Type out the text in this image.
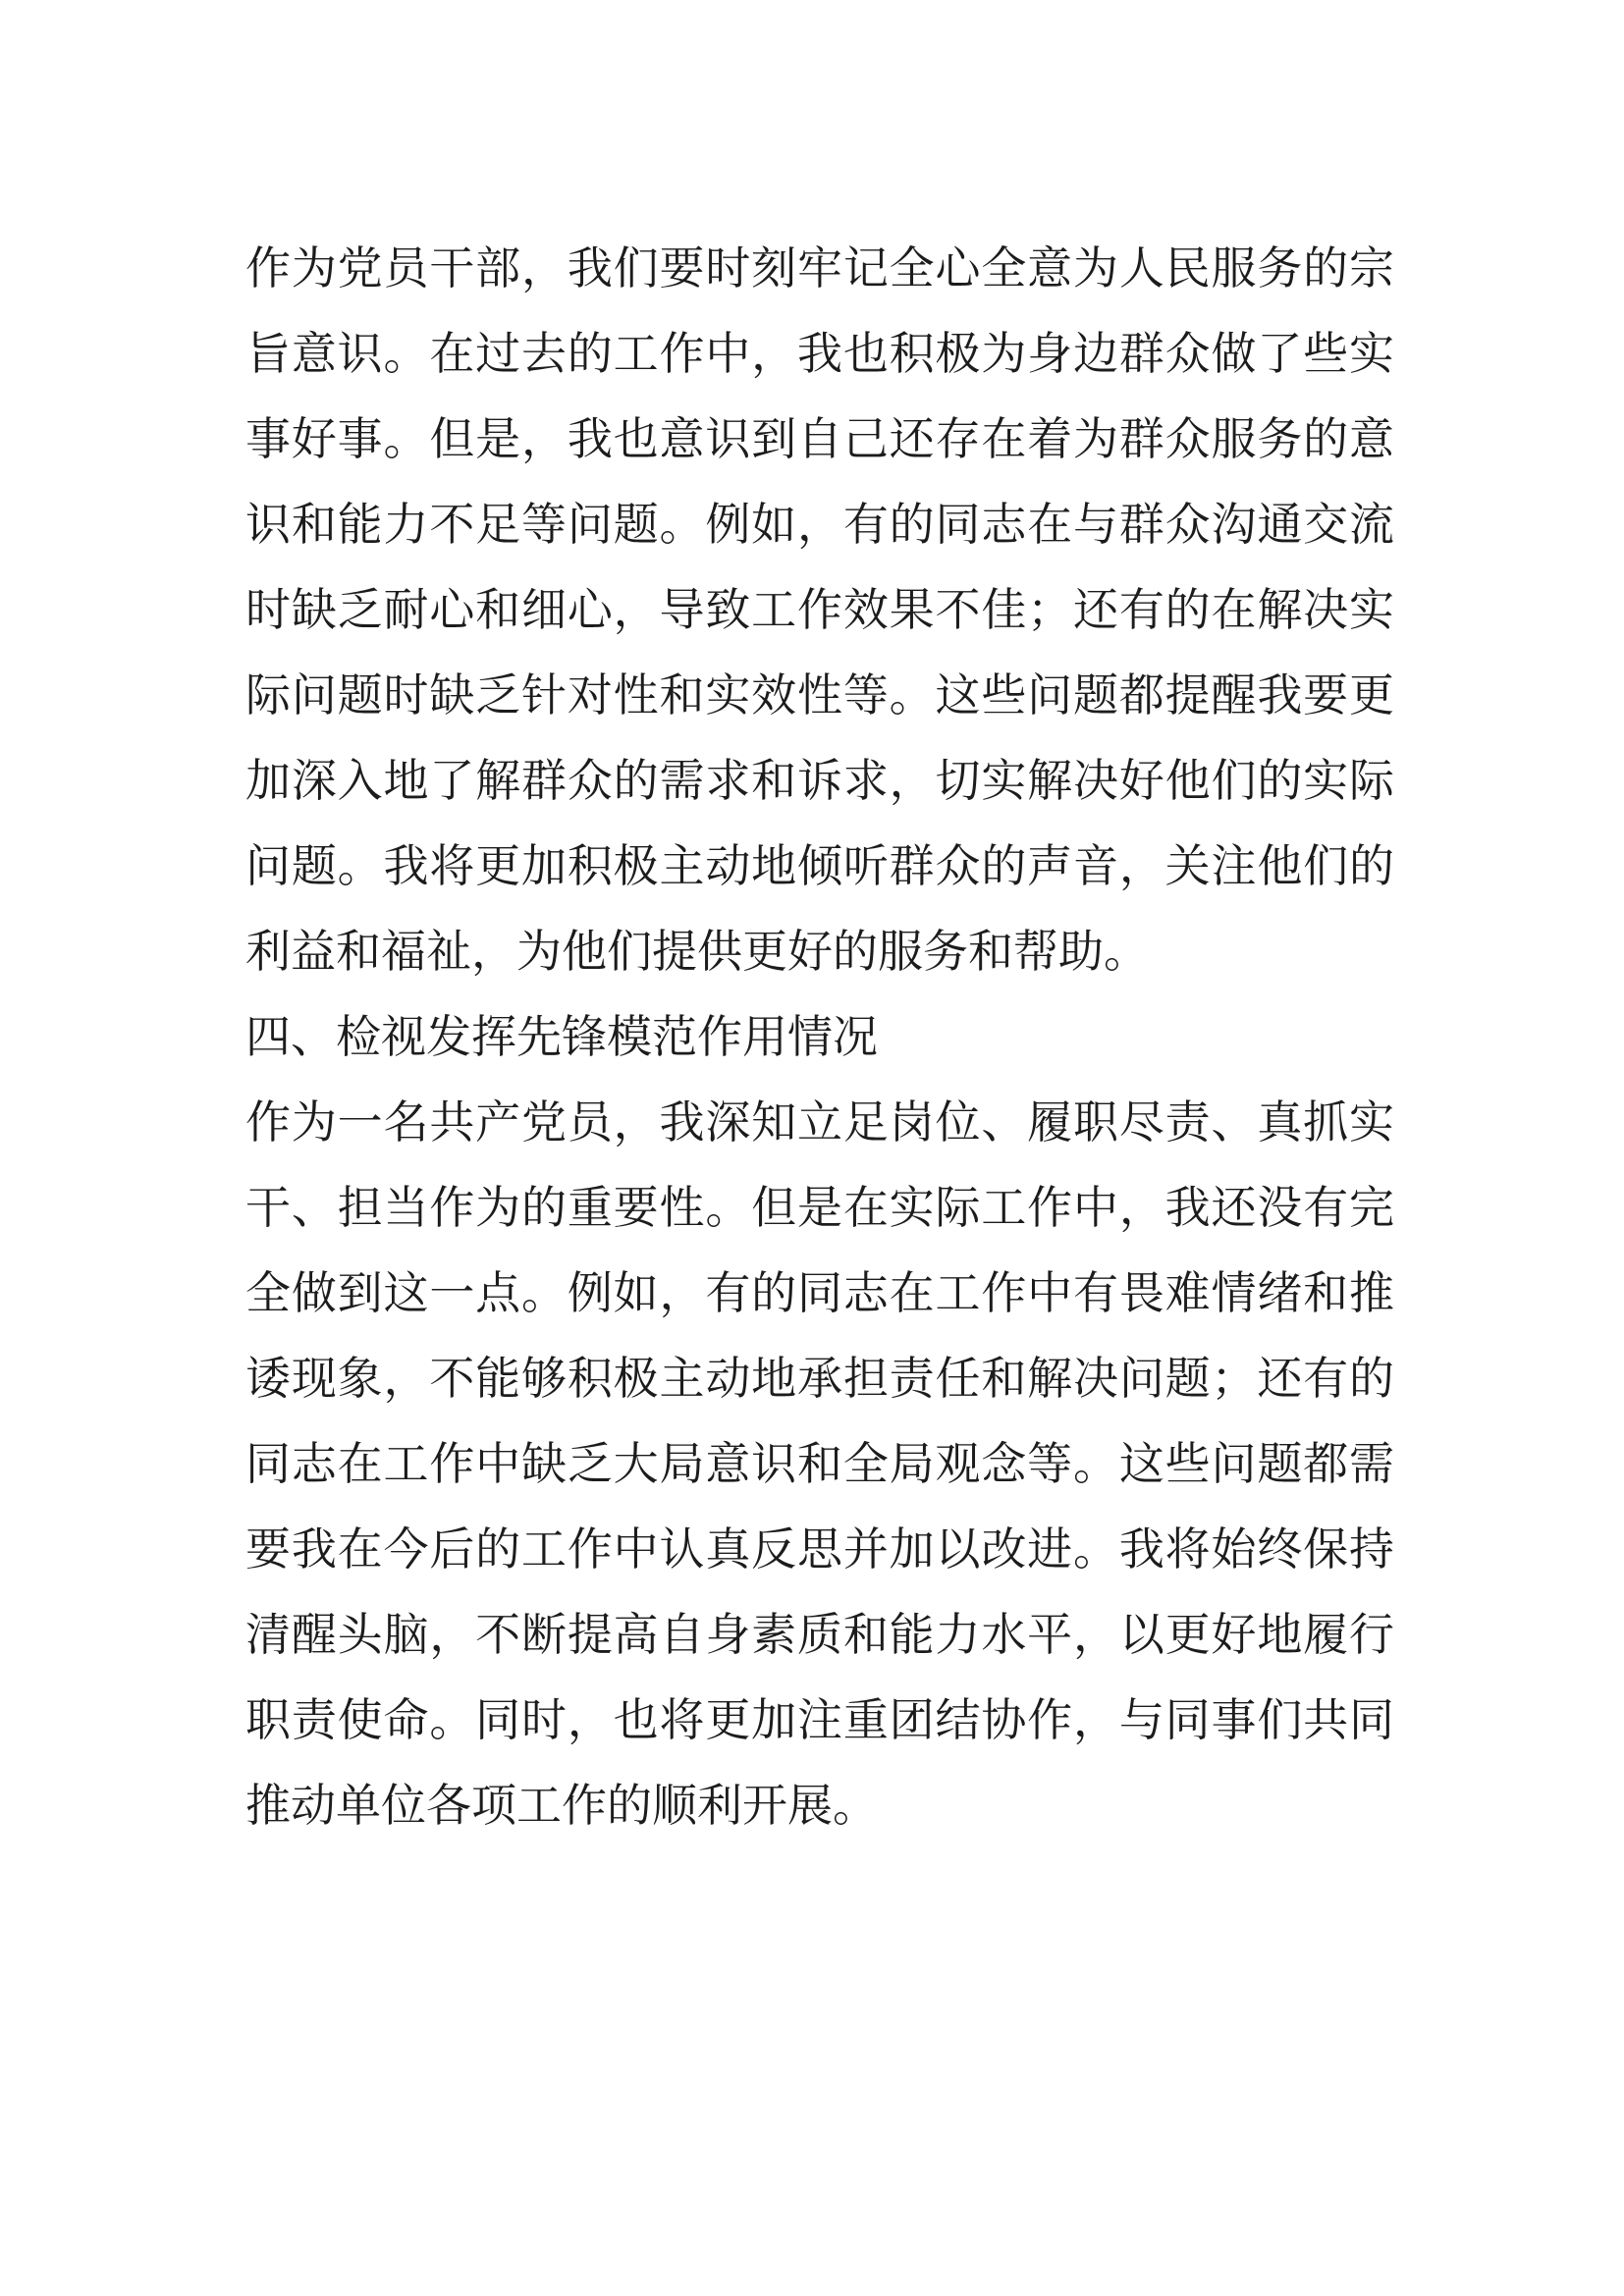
作为党员干部，我们要时刻牢记全心全意为人民服务的宗
旨意识。在过去的工作中，我也积极为身边群众做了些实
事好事。但是，我也意识到自己还存在着为群众服务的意
识和能力不足等问题。例如，有的同志在与群众沟通交流
时缺乏耐心和细心，导致工作效果不佳；还有的在解决实
际问题时缺乏针对性和实效性等。这些问题都提醒我要更
加深入地了解群众的需求和诉求，切实解决好他们的实际
问题。我将更加积极主动地倾听群众的声音，关注他们的
利益和福祉，为他们提供更好的服务和帮助。
四、检视发挥先锋模范作用情况
作为一名共产党员，我深知立足岗位、履职尽责、真抓实
干、担当作为的重要性。但是在实际工作中，我还没有完
全做到这一点。例如，有的同志在工作中有畏难情绪和推
诿现象，不能够积极主动地承担责任和解决问题；还有的
同志在工作中缺乏大局意识和全局观念等。这些问题都需
要我在今后的工作中认真反思并加以改进。我将始终保持
清醒头脑，不断提高自身素质和能力水平，以更好地履行
职责使命。同时，也将更加注重团结协作，与同事们共同
推动单位各项工作的顺利开展。
